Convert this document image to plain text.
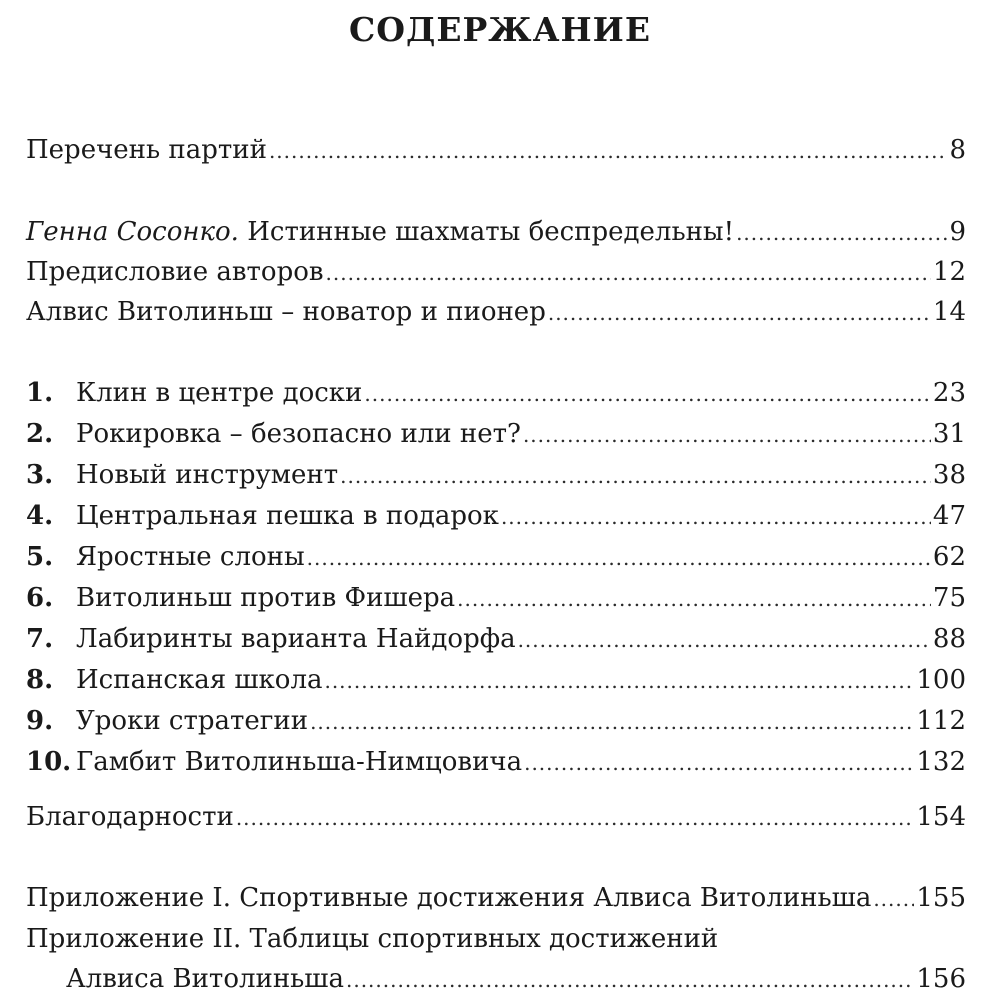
СОДЕРЖАНИЕ
Перечень партий .....	8
Генна Сосонко. Истинные шахматы беспредельны! .....	9
Предисловие авторов .....	12
Алвис Витолиньш – новатор и пионер .....	14
1. Клин в центре доски .....	23
2. Рокировка – безопасно или нет? .....	31
3. Новый инструмент .....	38
4. Центральная пешка в подарок .....	47
5. Яростные слоны .....	62
6. Витолиньш против Фишера .....	75
7. Лабиринты варианта Найдорфа .....	88
8. Испанская школа .....	100
9. Уроки стратегии .....	112
10. Гамбит Витолиньша-Нимцовича .....	132
Благодарности .....	154
Приложение I. Спортивные достижения Алвиса Витолиньша ..... 155
Приложение II. Таблицы спортивных достижений
Алвиса Витолиньша .....	156
